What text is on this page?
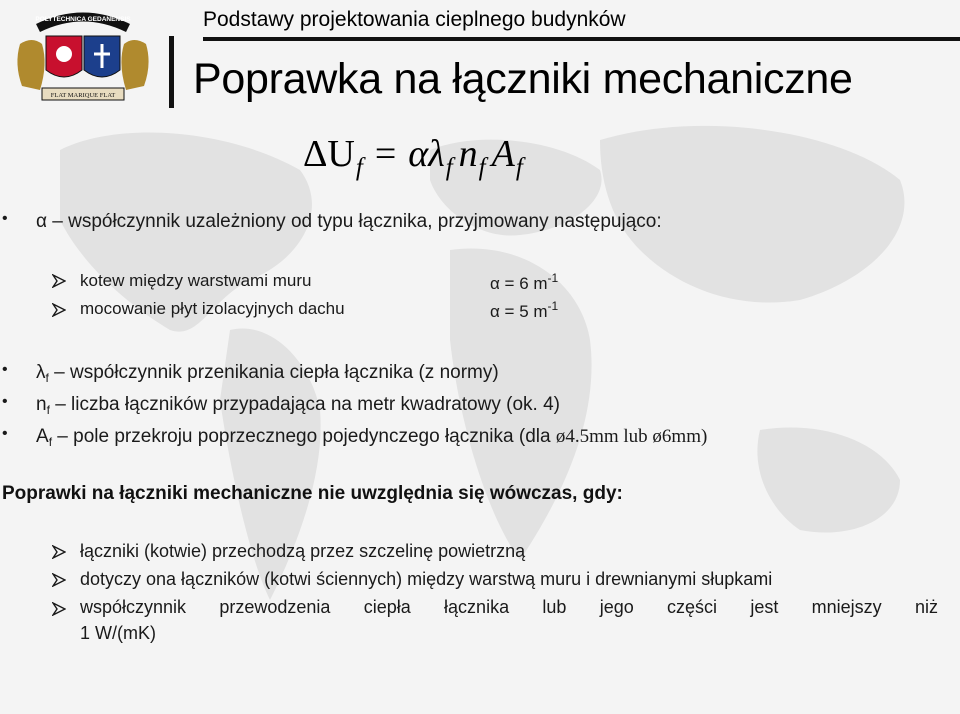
POLYTECHNICA GEDANENSIS
FLAT MARIQUE FLAT
Podstawy projektowania cieplnego budynków
Poprawka na łączniki mechaniczne
$\Delta U_f = \alpha\lambda_f$ $n_f$ $A_f$
• α – współczynnik uzależniony od typu łącznika, przyjmowany następująco:
kotew między warstwami muru	α = 6 $m^{-1}$
mocowanie płyt izolacyjnych dachu	α = 5 $m^{-1}$
• $\lambda_f$ – współczynnik przenikania ciepła łącznika (z normy)
• $n_f$ – liczba łączników przypadająca na metr kwadratowy (ok. 4)
• $A_f$ – pole przekroju poprzecznego pojedynczego łącznika (dla ø4.5mm lub ø6mm)
Poprawki na łączniki mechaniczne nie uwzględnia się wówczas, gdy:
łączniki (kotwie) przechodzą przez szczelinę powietrzną
dotyczy ona łączników (kotwi ściennych) między warstwą muru i drewnianymi słupkami
współczynnik przewodzenia ciepła łącznika lub jego części jest mniejszy niż
1 W/(mK)
